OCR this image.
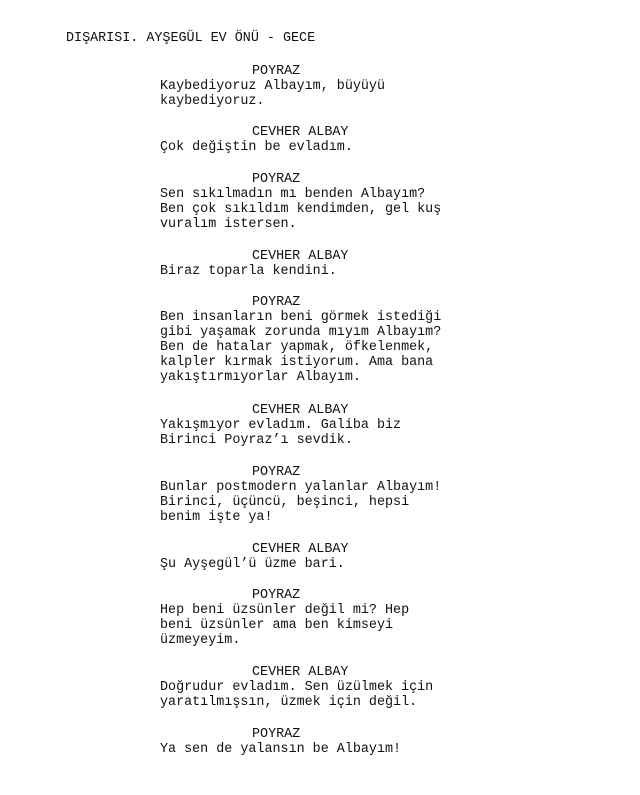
DIŞARISI. AYŞEGÜL EV ÖNÜ - GECE
POYRAZ
Kaybediyoruz Albayım, büyüyü
kaybediyoruz.
CEVHER ALBAY
Çok değiştin be evladım.
POYRAZ
Sen sıkılmadın mı benden Albayım?
Ben çok sıkıldım kendimden, gel kuş
vuralım istersen.
CEVHER ALBAY
Biraz toparla kendini.
POYRAZ
Ben insanların beni görmek istediği
gibi yaşamak zorunda mıyım Albayım?
Ben de hatalar yapmak, öfkelenmek,
kalpler kırmak istiyorum. Ama bana
yakıştırmıyorlar Albayım.
CEVHER ALBAY
Yakışmıyor evladım. Galiba biz
Birinci Poyraz’ı sevdik.
POYRAZ
Bunlar postmodern yalanlar Albayım!
Birinci, üçüncü, beşinci, hepsi
benim işte ya!
CEVHER ALBAY
Şu Ayşegül’ü üzme bari.
POYRAZ
Hep beni üzsünler değil mi? Hep
beni üzsünler ama ben kimseyi
üzmeyeyim.
CEVHER ALBAY
Doğrudur evladım. Sen üzülmek için
yaratılmışsın, üzmek için değil.
POYRAZ
Ya sen de yalansın be Albayım!
